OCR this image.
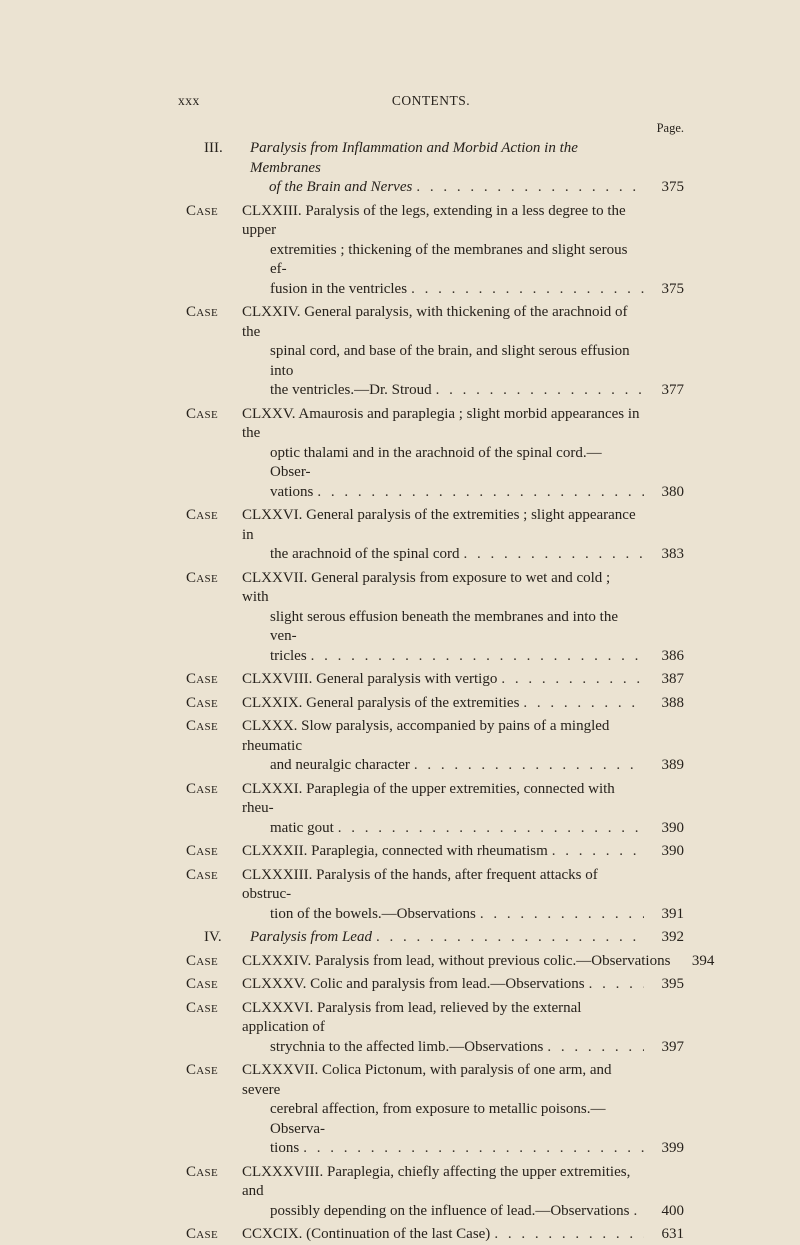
xxx	CONTENTS.
Page.
III. Paralysis from Inflammation and Morbid Action in the Membranes
of the Brain and Nerves . . .	375
Case CLXXIII. Paralysis of the legs, extending in a less degree to the upper
extremities ; thickening of the membranes and slight serous ef-
fusion in the ventricles . . .	375
Case CLXXIV. General paralysis, with thickening of the arachnoid of the
spinal cord, and base of the brain, and slight serous effusion into
the ventricles.—Dr. Stroud . . .	377
Case CLXXV. Amaurosis and paraplegia ; slight morbid appearances in the
optic thalami and in the arachnoid of the spinal cord.—Obser-
vations . . .	380
Case CLXXVI. General paralysis of the extremities ; slight appearance in
the arachnoid of the spinal cord . . .	383
Case CLXXVII. General paralysis from exposure to wet and cold ; with
slight serous effusion beneath the membranes and into the ven-
tricles . . .	386
Case CLXXVIII. General paralysis with vertigo . . .	387
Case CLXXIX. General paralysis of the extremities . . .	388
Case CLXXX. Slow paralysis, accompanied by pains of a mingled rheumatic
and neuralgic character . . .	389
Case CLXXXI. Paraplegia of the upper extremities, connected with rheu-
matic gout . . .	390
Case CLXXXII. Paraplegia, connected with rheumatism . . .	390
Case CLXXXIII. Paralysis of the hands, after frequent attacks of obstruc-
tion of the bowels.—Observations . . .	391
IV. Paralysis from Lead . . .	392
Case CLXXXIV. Paralysis from lead, without previous colic.—Observations	394
Case CLXXXV. Colic and paralysis from lead.—Observations . . .	395
Case CLXXXVI. Paralysis from lead, relieved by the external application of
strychnia to the affected limb.—Observations . . .	397
Case CLXXXVII. Colica Pictonum, with paralysis of one arm, and severe
cerebral affection, from exposure to metallic poisons.—Observa-
tions . . .	399
Case CLXXXVIII. Paraplegia, chiefly affecting the upper extremities, and
possibly depending on the influence of lead.—Observations . . .	400
Case CCXCIX. (Continuation of the last Case) . . .	631
